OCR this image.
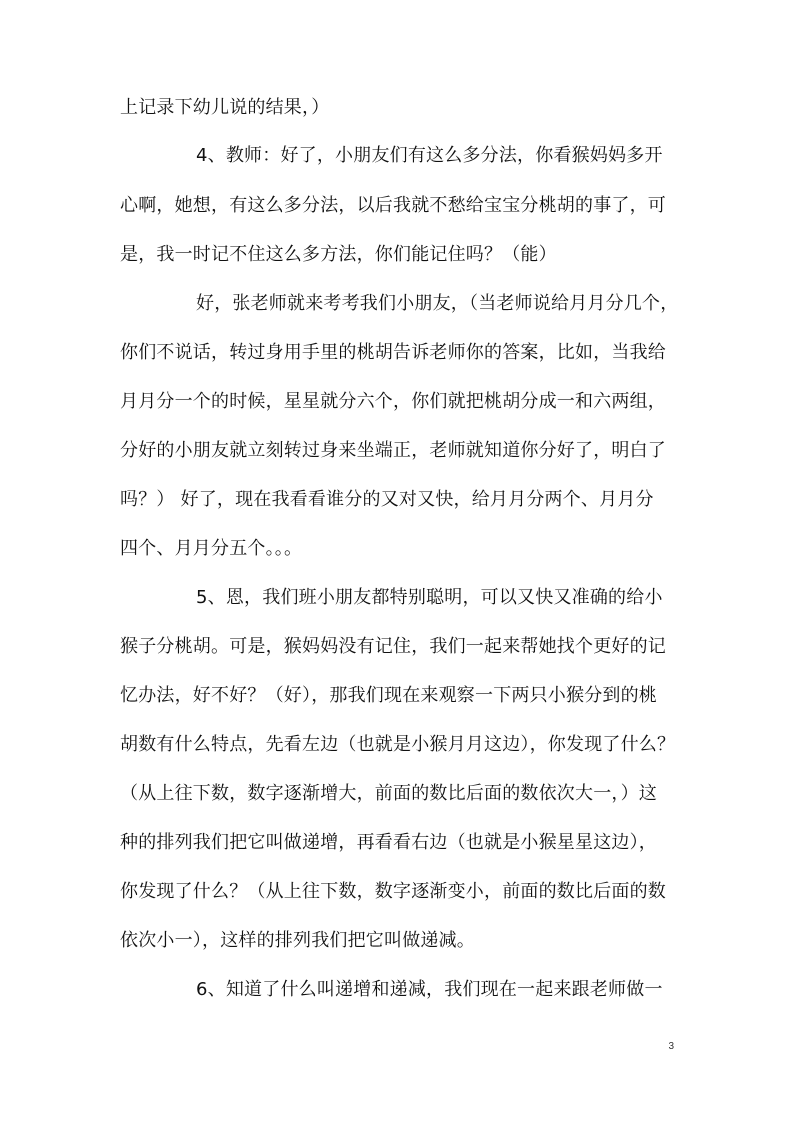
上记录下幼儿说的结果，）
4、教师：好了，小朋友们有这么多分法，你看猴妈妈多开
心啊，她想，有这么多分法，以后我就不愁给宝宝分桃胡的事了，可
是，我一时记不住这么多方法，你们能记住吗？（能）
好，张老师就来考考我们小朋友，（当老师说给月月分几个，
你们不说话，转过身用手里的桃胡告诉老师你的答案，比如，当我给
月月分一个的时候，星星就分六个，你们就把桃胡分成一和六两组，
分好的小朋友就立刻转过身来坐端正，老师就知道你分好了，明白了
吗？） 好了，现在我看看谁分的又对又快，给月月分两个、月月分
四个、月月分五个。。。
5、恩，我们班小朋友都特别聪明，可以又快又准确的给小
猴子分桃胡。可是，猴妈妈没有记住，我们一起来帮她找个更好的记
忆办法，好不好？（好），那我们现在来观察一下两只小猴分到的桃
胡数有什么特点，先看左边（也就是小猴月月这边），你发现了什么？
（从上往下数，数字逐渐增大，前面的数比后面的数依次大一，）这
种的排列我们把它叫做递增，再看看右边（也就是小猴星星这边），
你发现了什么？（从上往下数，数字逐渐变小，前面的数比后面的数
依次小一），这样的排列我们把它叫做递减。
6、知道了什么叫递增和递减，我们现在一起来跟老师做一
3
